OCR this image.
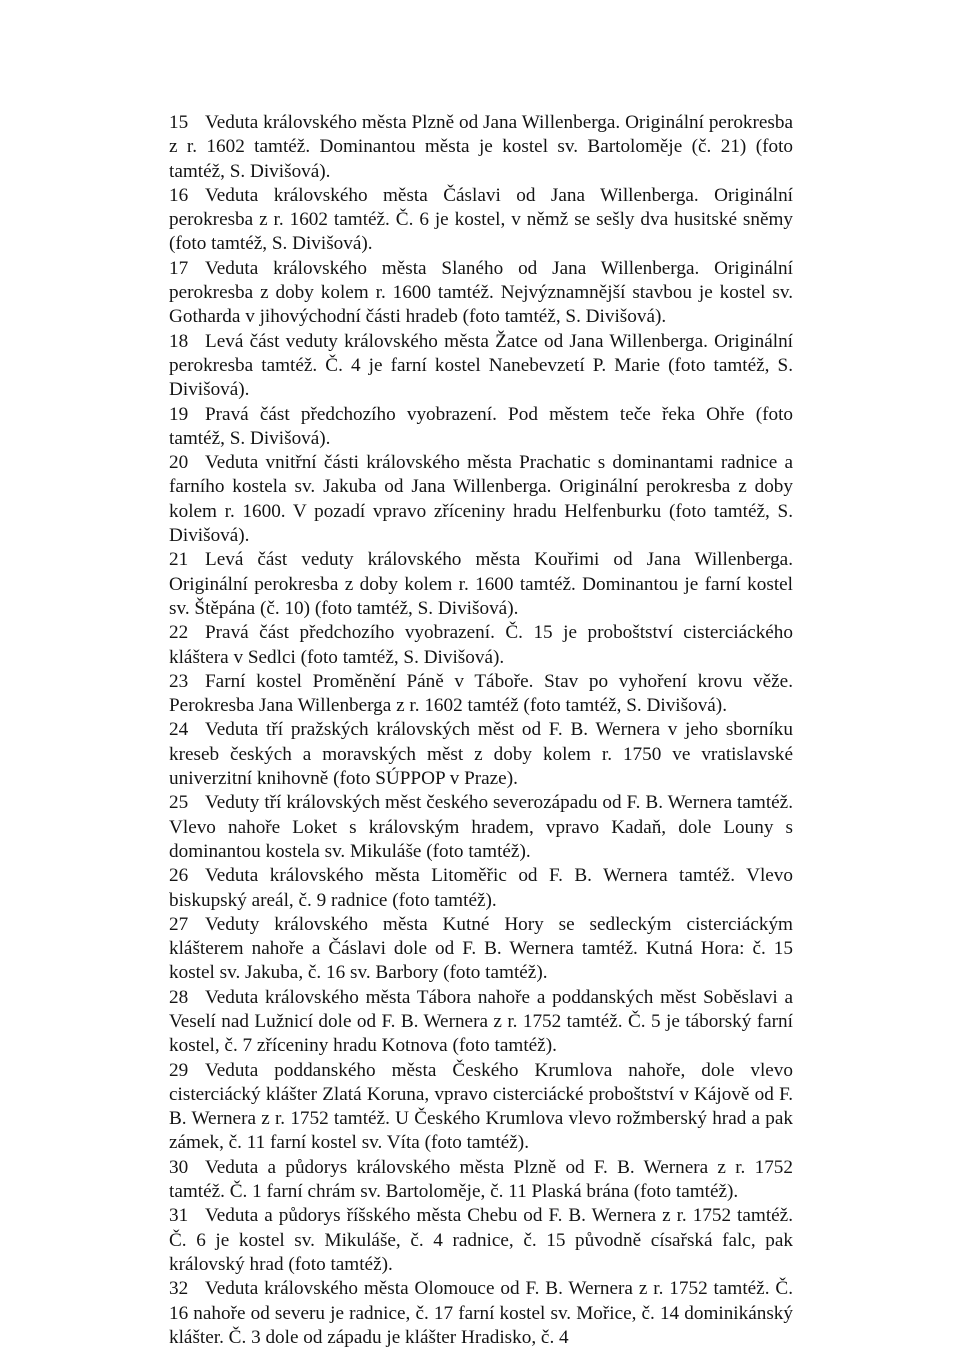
15 Veduta královského města Plzně od Jana Willenberga. Originální perokresba z r. 1602 tamtéž. Dominantou města je kostel sv. Bartoloměje (č. 21) (foto tamtéž, S. Divišová).

16 Veduta královského města Čáslavi od Jana Willenberga. Originální perokresba z r. 1602 tamtéž. Č. 6 je kostel, v němž se sešly dva husitské sněmy (foto tamtéž, S. Divišová).

17 Veduta královského města Slaného od Jana Willenberga. Originální perokresba z doby kolem r. 1600 tamtéž. Nejvýznamnější stavbou je kostel sv. Gotharda v jihovýchodní části hradeb (foto tamtéž, S. Divišová).

18 Levá část veduty královského města Žatce od Jana Willenberga. Originální perokresba tamtéž. Č. 4 je farní kostel Nanebevzetí P. Marie (foto tamtéž, S. Divišová).

19 Pravá část předchozího vyobrazení. Pod městem teče řeka Ohře (foto tamtéž, S. Divišová).

20 Veduta vnitřní části královského města Prachatic s dominantami radnice a farního kostela sv. Jakuba od Jana Willenberga. Originální perokresba z doby kolem r. 1600. V pozadí vpravo zříceniny hradu Helfenburku (foto tamtéž, S. Divišová).

21 Levá část veduty královského města Kouřimi od Jana Willenberga. Originální perokresba z doby kolem r. 1600 tamtéž. Dominantou je farní kostel sv. Štěpána (č. 10) (foto tamtéž, S. Divišová).

22 Pravá část předchozího vyobrazení. Č. 15 je proboštství cisterciáckého kláštera v Sedlci (foto tamtéž, S. Divišová).

23 Farní kostel Proměnění Páně v Táboře. Stav po vyhoření krovu věže. Perokresba Jana Willenberga z r. 1602 tamtéž (foto tamtéž, S. Divišová).

24 Veduta tří pražských královských měst od F. B. Wernera v jeho sborníku kreseb českých a moravských měst z doby kolem r. 1750 ve vratislavské univerzitní knihovně (foto SÚPPOP v Praze).

25 Veduty tří královských měst českého severozápadu od F. B. Wernera tamtéž. Vlevo nahoře Loket s královským hradem, vpravo Kadaň, dole Louny s dominantou kostela sv. Mikuláše (foto tamtéž).

26 Veduta královského města Litoměřic od F. B. Wernera tamtéž. Vlevo biskupský areál, č. 9 radnice (foto tamtéž).

27 Veduty královského města Kutné Hory se sedleckým cisterciáckým klášterem nahoře a Čáslavi dole od F. B. Wernera tamtéž. Kutná Hora: č. 15 kostel sv. Jakuba, č. 16 sv. Barbory (foto tamtéž).

28 Veduta královského města Tábora nahoře a poddanských měst Soběslavi a Veselí nad Lužnicí dole od F. B. Wernera z r. 1752 tamtéž. Č. 5 je táborský farní kostel, č. 7 zříceniny hradu Kotnova (foto tamtéž).

29 Veduta poddanského města Českého Krumlova nahoře, dole vlevo cisterciácký klášter Zlatá Koruna, vpravo cisterciácké proboštství v Kájově od F. B. Wernera z r. 1752 tamtéž. U Českého Krumlova vlevo rožmberský hrad a pak zámek, č. 11 farní kostel sv. Víta (foto tamtéž).

30 Veduta a půdorys královského města Plzně od F. B. Wernera z r. 1752 tamtéž. Č. 1 farní chrám sv. Bartoloměje, č. 11 Plaská brána (foto tamtéž).

31 Veduta a půdorys říšského města Chebu od F. B. Wernera z r. 1752 tamtéž. Č. 6 je kostel sv. Mikuláše, č. 4 radnice, č. 15 původně císařská falc, pak královský hrad (foto tamtéž).

32 Veduta královského města Olomouce od F. B. Wernera z r. 1752 tamtéž. Č. 16 nahoře od severu je radnice, č. 17 farní kostel sv. Mořice, č. 14 dominikánský klášter. Č. 3 dole od západu je klášter Hradisko, č. 4
